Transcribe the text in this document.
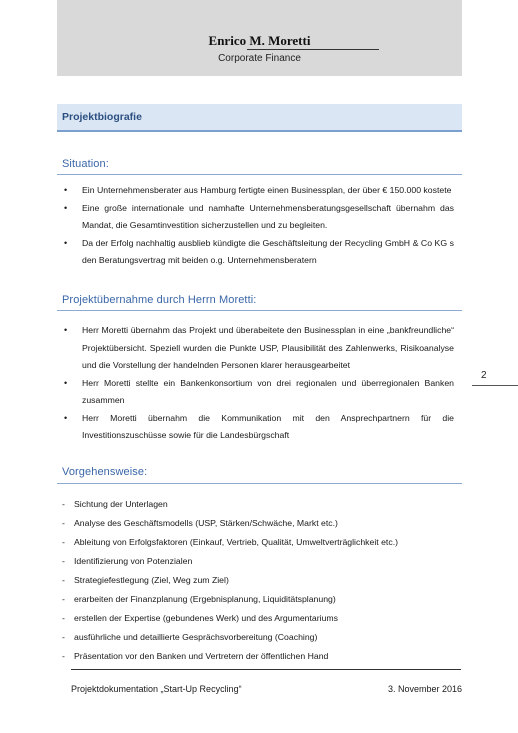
Enrico M. Moretti
Corporate Finance
Projektbiografie
Situation:
• Ein Unternehmensberater aus Hamburg fertigte einen Businessplan, der über € 150.000 kostete
• Eine große internationale und namhafte Unternehmensberatungsgesellschaft übernahm das Mandat, die Gesamtinvestition sicherzustellen und zu begleiten.
• Da der Erfolg nachhaltig ausblieb kündigte die Geschäftsleitung der Recycling GmbH & Co KG s den Beratungsvertrag mit beiden o.g. Unternehmensberatern
Projektübernahme durch Herrn Moretti:
• Herr Moretti übernahm das Projekt und überabeitete den Businessplan in eine „bankfreundliche“ Projektübersicht. Speziell wurden die Punkte USP, Plausibilität des Zahlenwerks, Risikoanalyse und die Vorstellung der handelnden Personen klarer herausgearbeitet
• Herr Moretti stellte ein Bankenkonsortium von drei regionalen und überregionalen Banken zusammen
• Herr Moretti übernahm die Kommunikation mit den Ansprechpartnern für die Investitionszuschüsse sowie für die Landesbürgschaft
Vorgehensweise:
- Sichtung der Unterlagen
- Analyse des Geschäftsmodells (USP, Stärken/Schwäche, Markt etc.)
- Ableitung von Erfolgsfaktoren (Einkauf, Vertrieb, Qualität, Umweltverträglichkeit etc.)
- Identifizierung von Potenzialen
- Strategiefestlegung (Ziel, Weg zum Ziel)
- erarbeiten der Finanzplanung (Ergebnisplanung, Liquiditätsplanung)
- erstellen der Expertise (gebundenes Werk) und des Argumentariums
- ausführliche und detaillierte Gesprächsvorbereitung (Coaching)
- Präsentation vor den Banken und Vertretern der öffentlichen Hand
2
Projektdokumentation „Start-Up Recycling“	3. November 2016
